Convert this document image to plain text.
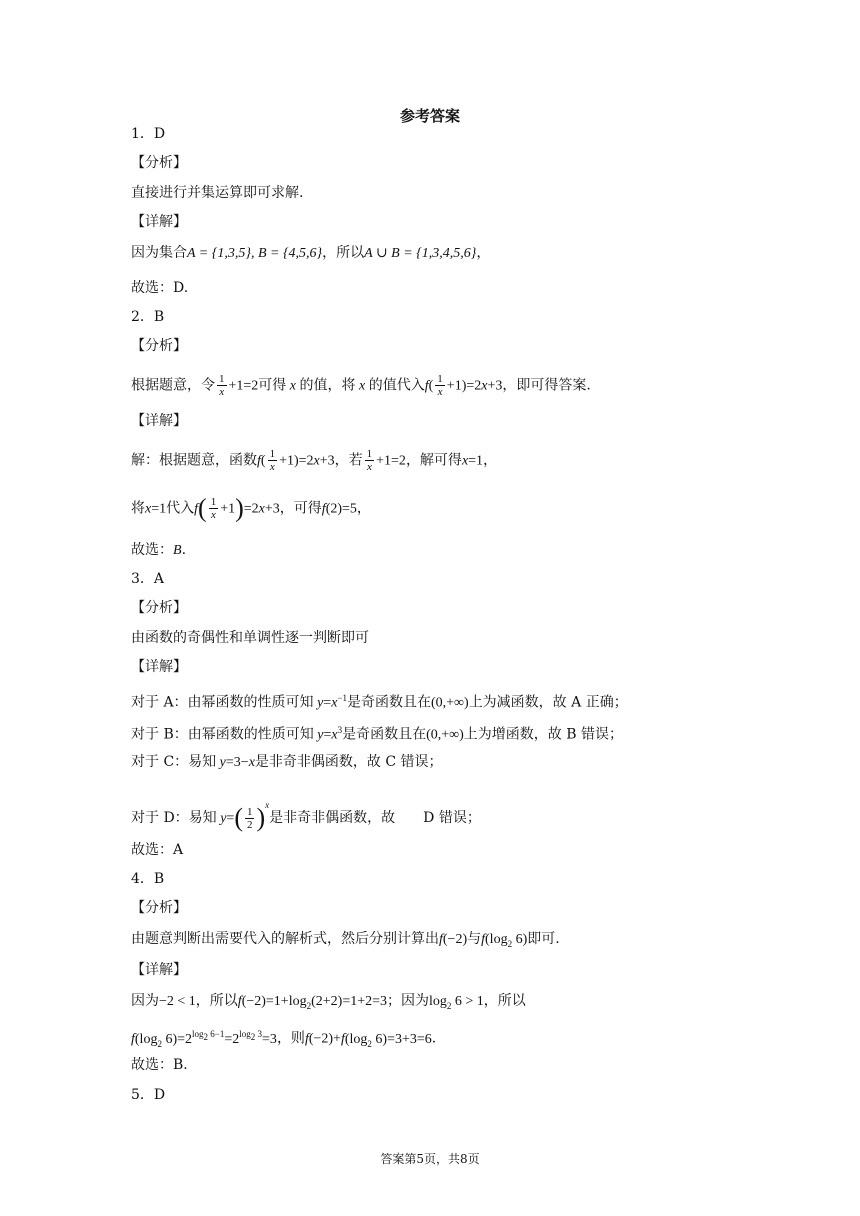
参考答案
1．D
【分析】
直接进行并集运算即可求解.
【详解】
因为集合A = {1,3,5}, B = {4,5,6}，所以A ∪ B = {1,3,4,5,6}，
故选：D.
2．B
【分析】
根据题意，令 $\frac{1}{x} +1=2$可得 x 的值，将 x 的值代入$f( \frac{1}{x} +1)=2x+3$，即可得答案.
【详解】
解：根据题意，函数$f( \frac{1}{x} +1)=2x+3$，若 $\frac{1}{x} +1=2$，解可得x=1，
将x=1代入$f( \frac{1}{x} +1)=2x+3$，可得f(2)=5，
故选：B.
3．A
【分析】
由函数的奇偶性和单调性逐一判断即可
【详解】
对于 A：由幂函数的性质可知 $y=x^{-1}$是奇函数且在(0,+∞)上为减函数，故 A 正确；
对于 B：由幂函数的性质可知 $y=x^3$是奇函数且在(0,+∞)上为增函数，故 B 错误；
对于 C：易知 y=3−x是非奇非偶函数，故 C 错误；
对于 D：易知 $y=( \frac{1}{2} )^x$是非奇非偶函数，故 D 错误；
故选：A
4．B
【分析】
由题意判断出需要代入的解析式，然后分别计算出f(−2)与$f(\log_2$ 6)即可.
【详解】
因为−2 < 1，所以$f(-2)=1+\log_2(2+2)=1+2=3$；因为$\log_2 6 > 1$，所以
$f(\log_2$ $6)=2^{log_2 6-1}=2^{log_2 3}=3$，则$f(-2)+f(\log_2$ 6)=3+3=6.
故选：B.
5．D
答案第5页，共8页
